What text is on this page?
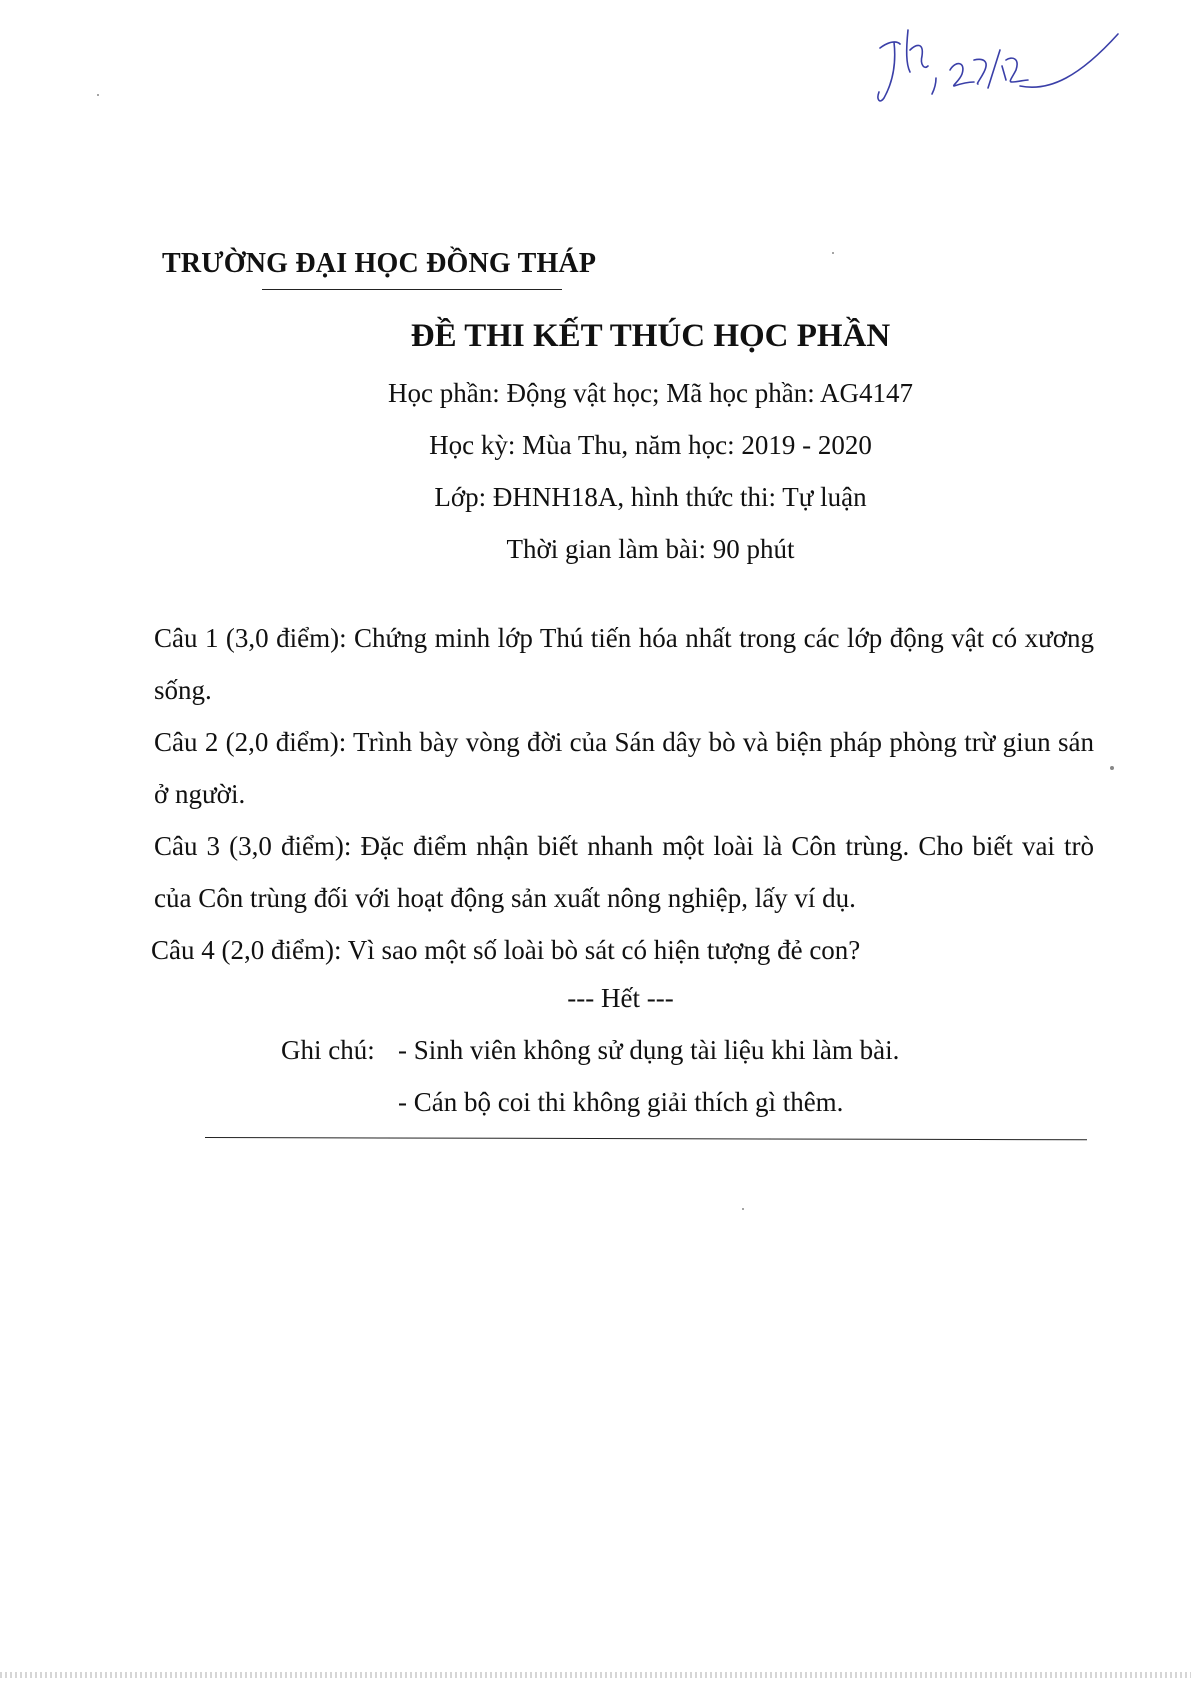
TRƯỜNG ĐẠI HỌC ĐỒNG THÁP
ĐỀ THI KẾT THÚC HỌC PHẦN
Học phần: Động vật học; Mã học phần: AG4147
Học kỳ: Mùa Thu, năm học: 2019 - 2020
Lớp: ĐHNH18A, hình thức thi: Tự luận
Thời gian làm bài: 90 phút
Câu 1 (3,0 điểm): Chứng minh lớp Thú tiến hóa nhất trong các lớp động vật có xương sống.
Câu 2 (2,0 điểm): Trình bày vòng đời của Sán dây bò và biện pháp phòng trừ giun sán ở người.
Câu 3 (3,0 điểm): Đặc điểm nhận biết nhanh một loài là Côn trùng. Cho biết vai trò của Côn trùng đối với hoạt động sản xuất nông nghiệp, lấy ví dụ.
Câu 4 (2,0 điểm): Vì sao một số loài bò sát có hiện tượng đẻ con?
--- Hết ---
Ghi chú: - Sinh viên không sử dụng tài liệu khi làm bài.
- Cán bộ coi thi không giải thích gì thêm.
